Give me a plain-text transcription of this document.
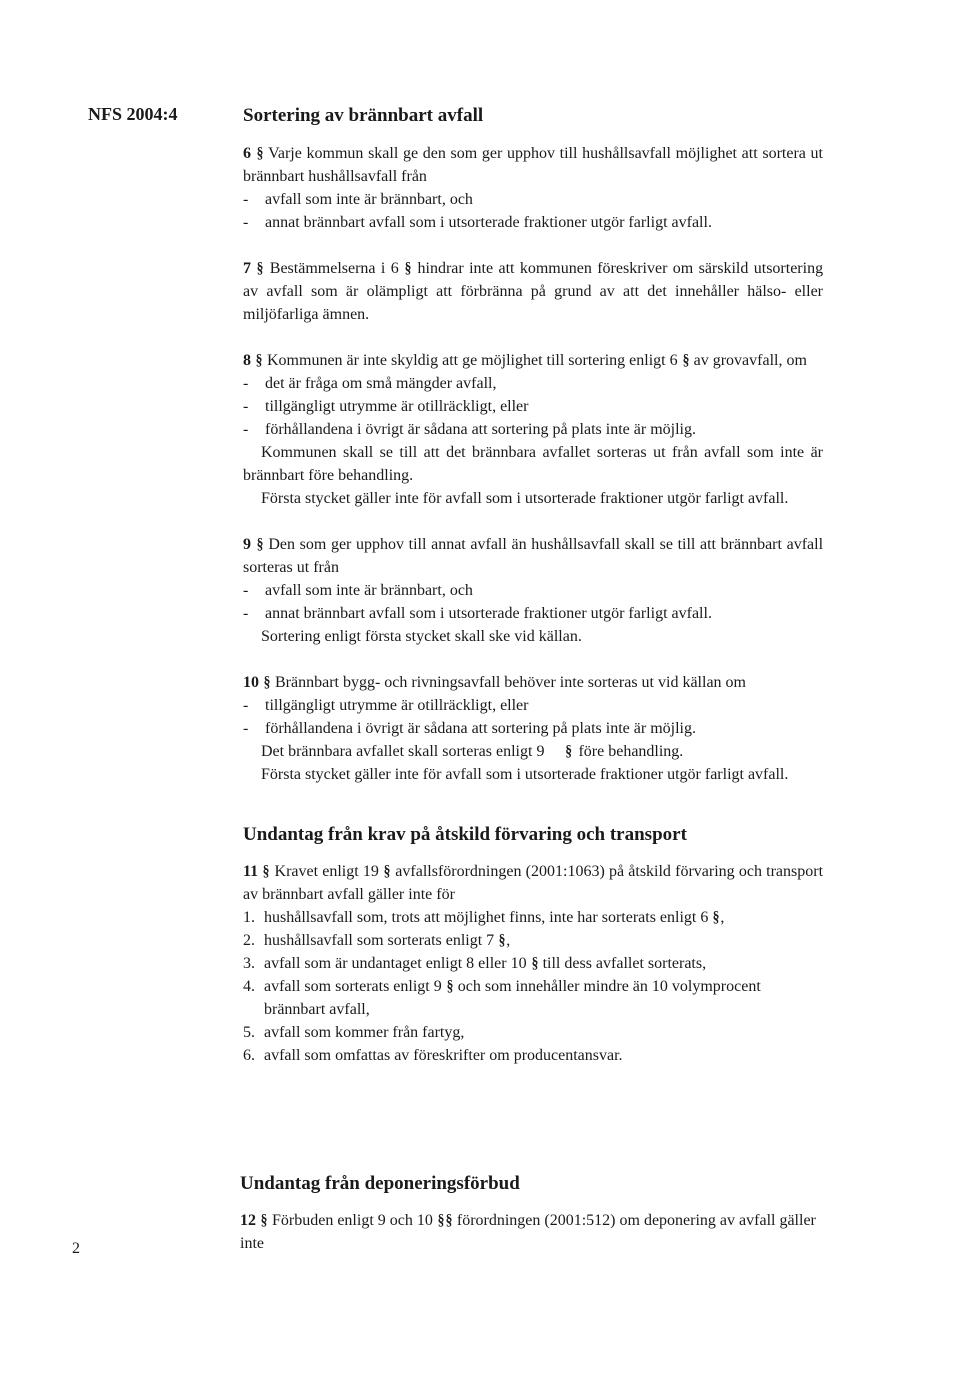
NFS 2004:4
2
Sortering av brännbart avfall

6 § Varje kommun skall ge den som ger upphov till hushållsavfall möjlighet att sortera ut brännbart hushållsavfall från

-	avfall som inte är brännbart, och
-	annat brännbart avfall som i utsorterade fraktioner utgör farligt avfall.

7 § Bestämmelserna i 6 § hindrar inte att kommunen föreskriver om särskild utsortering av avfall som är olämpligt att förbränna på grund av att det innehåller hälso- eller miljöfarliga ämnen.

8 § Kommunen är inte skyldig att ge möjlighet till sortering enligt 6 § av grovavfall, om

-	det är fråga om små mängder avfall,
-	tillgängligt utrymme är otillräckligt, eller
-	förhållandena i övrigt är sådana att sortering på plats inte är möjlig.

Kommunen skall se till att det brännbara avfallet sorteras ut från avfall som inte är brännbart före behandling.

Första stycket gäller inte för avfall som i utsorterade fraktioner utgör farligt avfall.

9 § Den som ger upphov till annat avfall än hushållsavfall skall se till att brännbart avfall sorteras ut från

-	avfall som inte är brännbart, och
-	annat brännbart avfall som i utsorterade fraktioner utgör farligt avfall.

Sortering enligt första stycket skall ske vid källan.

10 § Brännbart bygg- och rivningsavfall behöver inte sorteras ut vid källan om

-	tillgängligt utrymme är otillräckligt, eller
-	förhållandena i övrigt är sådana att sortering på plats inte är möjlig.

Det brännbara avfallet skall sorteras enligt 9 § före behandling.

Första stycket gäller inte för avfall som i utsorterade fraktioner utgör farligt avfall.

Undantag från krav på åtskild förvaring och transport

11 § Kravet enligt 19 § avfallsförordningen (2001:1063) på åtskild förvaring och transport av brännbart avfall gäller inte för

1. hushållsavfall som, trots att möjlighet finns, inte har sorterats enligt 6 §,
2. hushållsavfall som sorterats enligt 7 §,
3. avfall som är undantaget enligt 8 eller 10 § till dess avfallet sorterats,
4. avfall som sorterats enligt 9 § och som innehåller mindre än 10 volymprocent brännbart avfall,
5. avfall som kommer från fartyg,
6. avfall som omfattas av föreskrifter om producentansvar.
Undantag från deponeringsförbud

12 § Förbuden enligt 9 och 10 §§ förordningen (2001:512) om deponering av avfall gäller inte
